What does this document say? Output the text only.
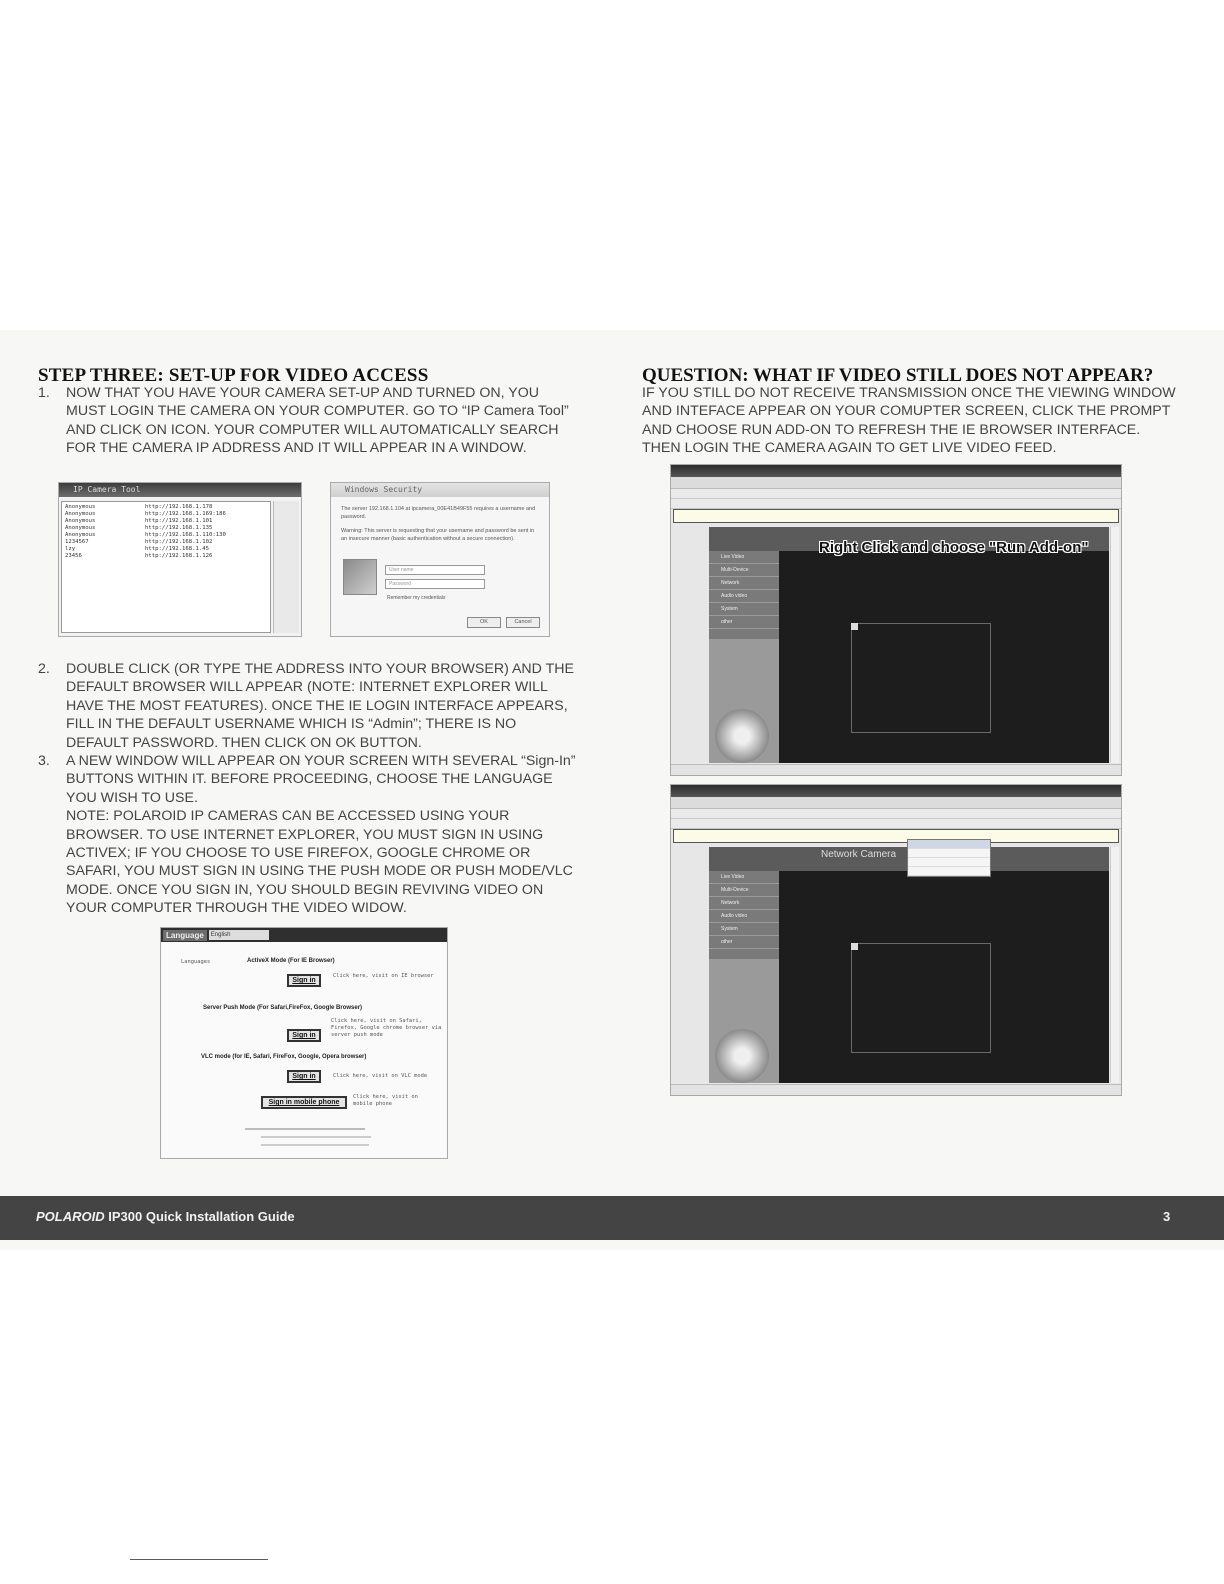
STEP THREE: SET-UP FOR VIDEO ACCESS
1. NOW THAT YOU HAVE YOUR CAMERA SET-UP AND TURNED ON, YOU MUST LOGIN THE CAMERA ON YOUR COMPUTER. GO TO “IP Camera Tool” AND CLICK ON ICON. YOUR COMPUTER WILL AUTOMATICALLY SEARCH FOR THE CAMERA IP ADDRESS AND IT WILL APPEAR IN A WINDOW.
IP Camera Tool
Anonymous	http://192.168.1.178
Anonymous	http://192.168.1.169:186
Anonymous	http://192.168.1.101
Anonymous	http://192.168.1.135
Anonymous	http://192.168.1.110:130
1234567	http://192.168.1.102
lzy	http://192.168.1.45
23456	http://192.168.1.126
Windows Security
The server 192.168.1.104 at ipcamera_00E41B49F55 requires a username and password.
Warning: This server is requesting that your username and password be sent in an insecure manner (basic authentication without a secure connection).
User name
Password
Remember my credentials
OK	Cancel
2. DOUBLE CLICK (OR TYPE THE ADDRESS INTO YOUR BROWSER) AND THE DEFAULT BROWSER WILL APPEAR (NOTE: INTERNET EXPLORER WILL HAVE THE MOST FEATURES). ONCE THE IE LOGIN INTERFACE APPEARS, FILL IN THE DEFAULT USERNAME WHICH IS “Admin”; THERE IS NO DEFAULT PASSWORD. THEN CLICK ON OK BUTTON.
3. A NEW WINDOW WILL APPEAR ON YOUR SCREEN WITH SEVERAL “Sign-In” BUTTONS WITHIN IT. BEFORE PROCEEDING, CHOOSE THE LANGUAGE YOU WISH TO USE.
NOTE: POLAROID IP CAMERAS CAN BE ACCESSED USING YOUR BROWSER. TO USE INTERNET EXPLORER, YOU MUST SIGN IN USING ACTIVEX; IF YOU CHOOSE TO USE FIREFOX, GOOGLE CHROME OR SAFARI, YOU MUST SIGN IN USING THE PUSH MODE OR PUSH MODE/VLC MODE. ONCE YOU SIGN IN, YOU SHOULD BEGIN REVIVING VIDEO ON YOUR COMPUTER THROUGH THE VIDEO WIDOW.
Language	English
Languages	ActiveX Mode (For IE Browser)
Sign in
Click here, visit on IE browser
Server Push Mode (For Safari,FireFox, Google Browser)
Sign in
Click here, visit on Safari, Firefox, Google chrome browser via server push mode
VLC mode (for IE, Safari, FireFox, Google, Opera browser)
Sign in	Click here, visit on VLC mode
Sign in mobile phone
Click here, visit on mobile phone
QUESTION: WHAT IF VIDEO STILL DOES NOT APPEAR?
IF YOU STILL DO NOT RECEIVE TRANSMISSION ONCE THE VIEWING WINDOW AND INTEFACE APPEAR ON YOUR COMUPTER SCREEN, CLICK THE PROMPT AND CHOOSE RUN ADD-ON TO REFRESH THE IE BROWSER INTERFACE. THEN LOGIN THE CAMERA AGAIN TO GET LIVE VIDEO FEED.
Live Video
Multi-Device
Network
Audio video
System
other
Right Click and choose "Run Add-on"
Network Camera
Live Video
Multi-Device
Network
Audio video
System
other
POLAROID IP300 Quick Installation Guide	3
